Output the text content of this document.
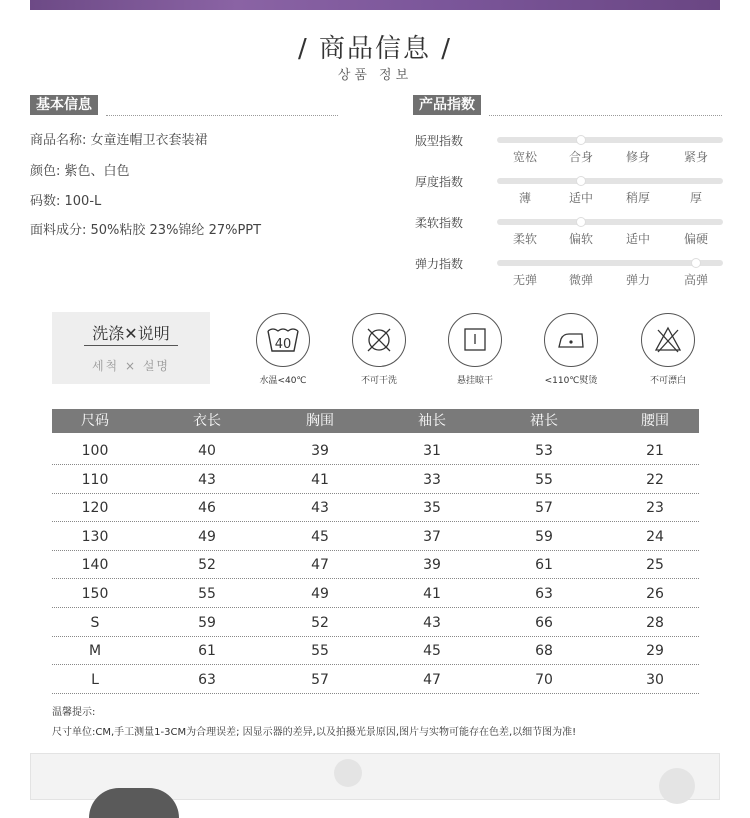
/ 商品信息 /
상품 정보
基本信息
商品名称: 女童连帽卫衣套装裙
颜色: 紫色、白色
码数: 100-L
面料成分: 50%粘胶 23%锦纶 27%PPT
产品指数
版型指数
宽松	合身	修身	紧身
厚度指数
薄	适中	稍厚	厚
柔软指数
柔软	偏软	适中	偏硬
弹力指数
无弹	微弹	弹力	高弹
洗涤✕说明
세척 × 설명
40
水温<40℃	不可干洗	悬挂晾干	<110℃熨烫	不可漂白
尺码	衣长	胸围	袖长	裙长	腰围
100	40	39	31	53	21
110	43	41	33	55	22
120	46	43	35	57	23
130	49	45	37	59	24
140	52	47	39	61	25
150	55	49	41	63	26
S	59	52	43	66	28
M	61	55	45	68	29
L	63	57	47	70	30
温馨提示:
尺寸单位:CM,手工测量1-3CM为合理误差; 因显示器的差异,以及拍摄光景原因,图片与实物可能存在色差,以细节图为准!
